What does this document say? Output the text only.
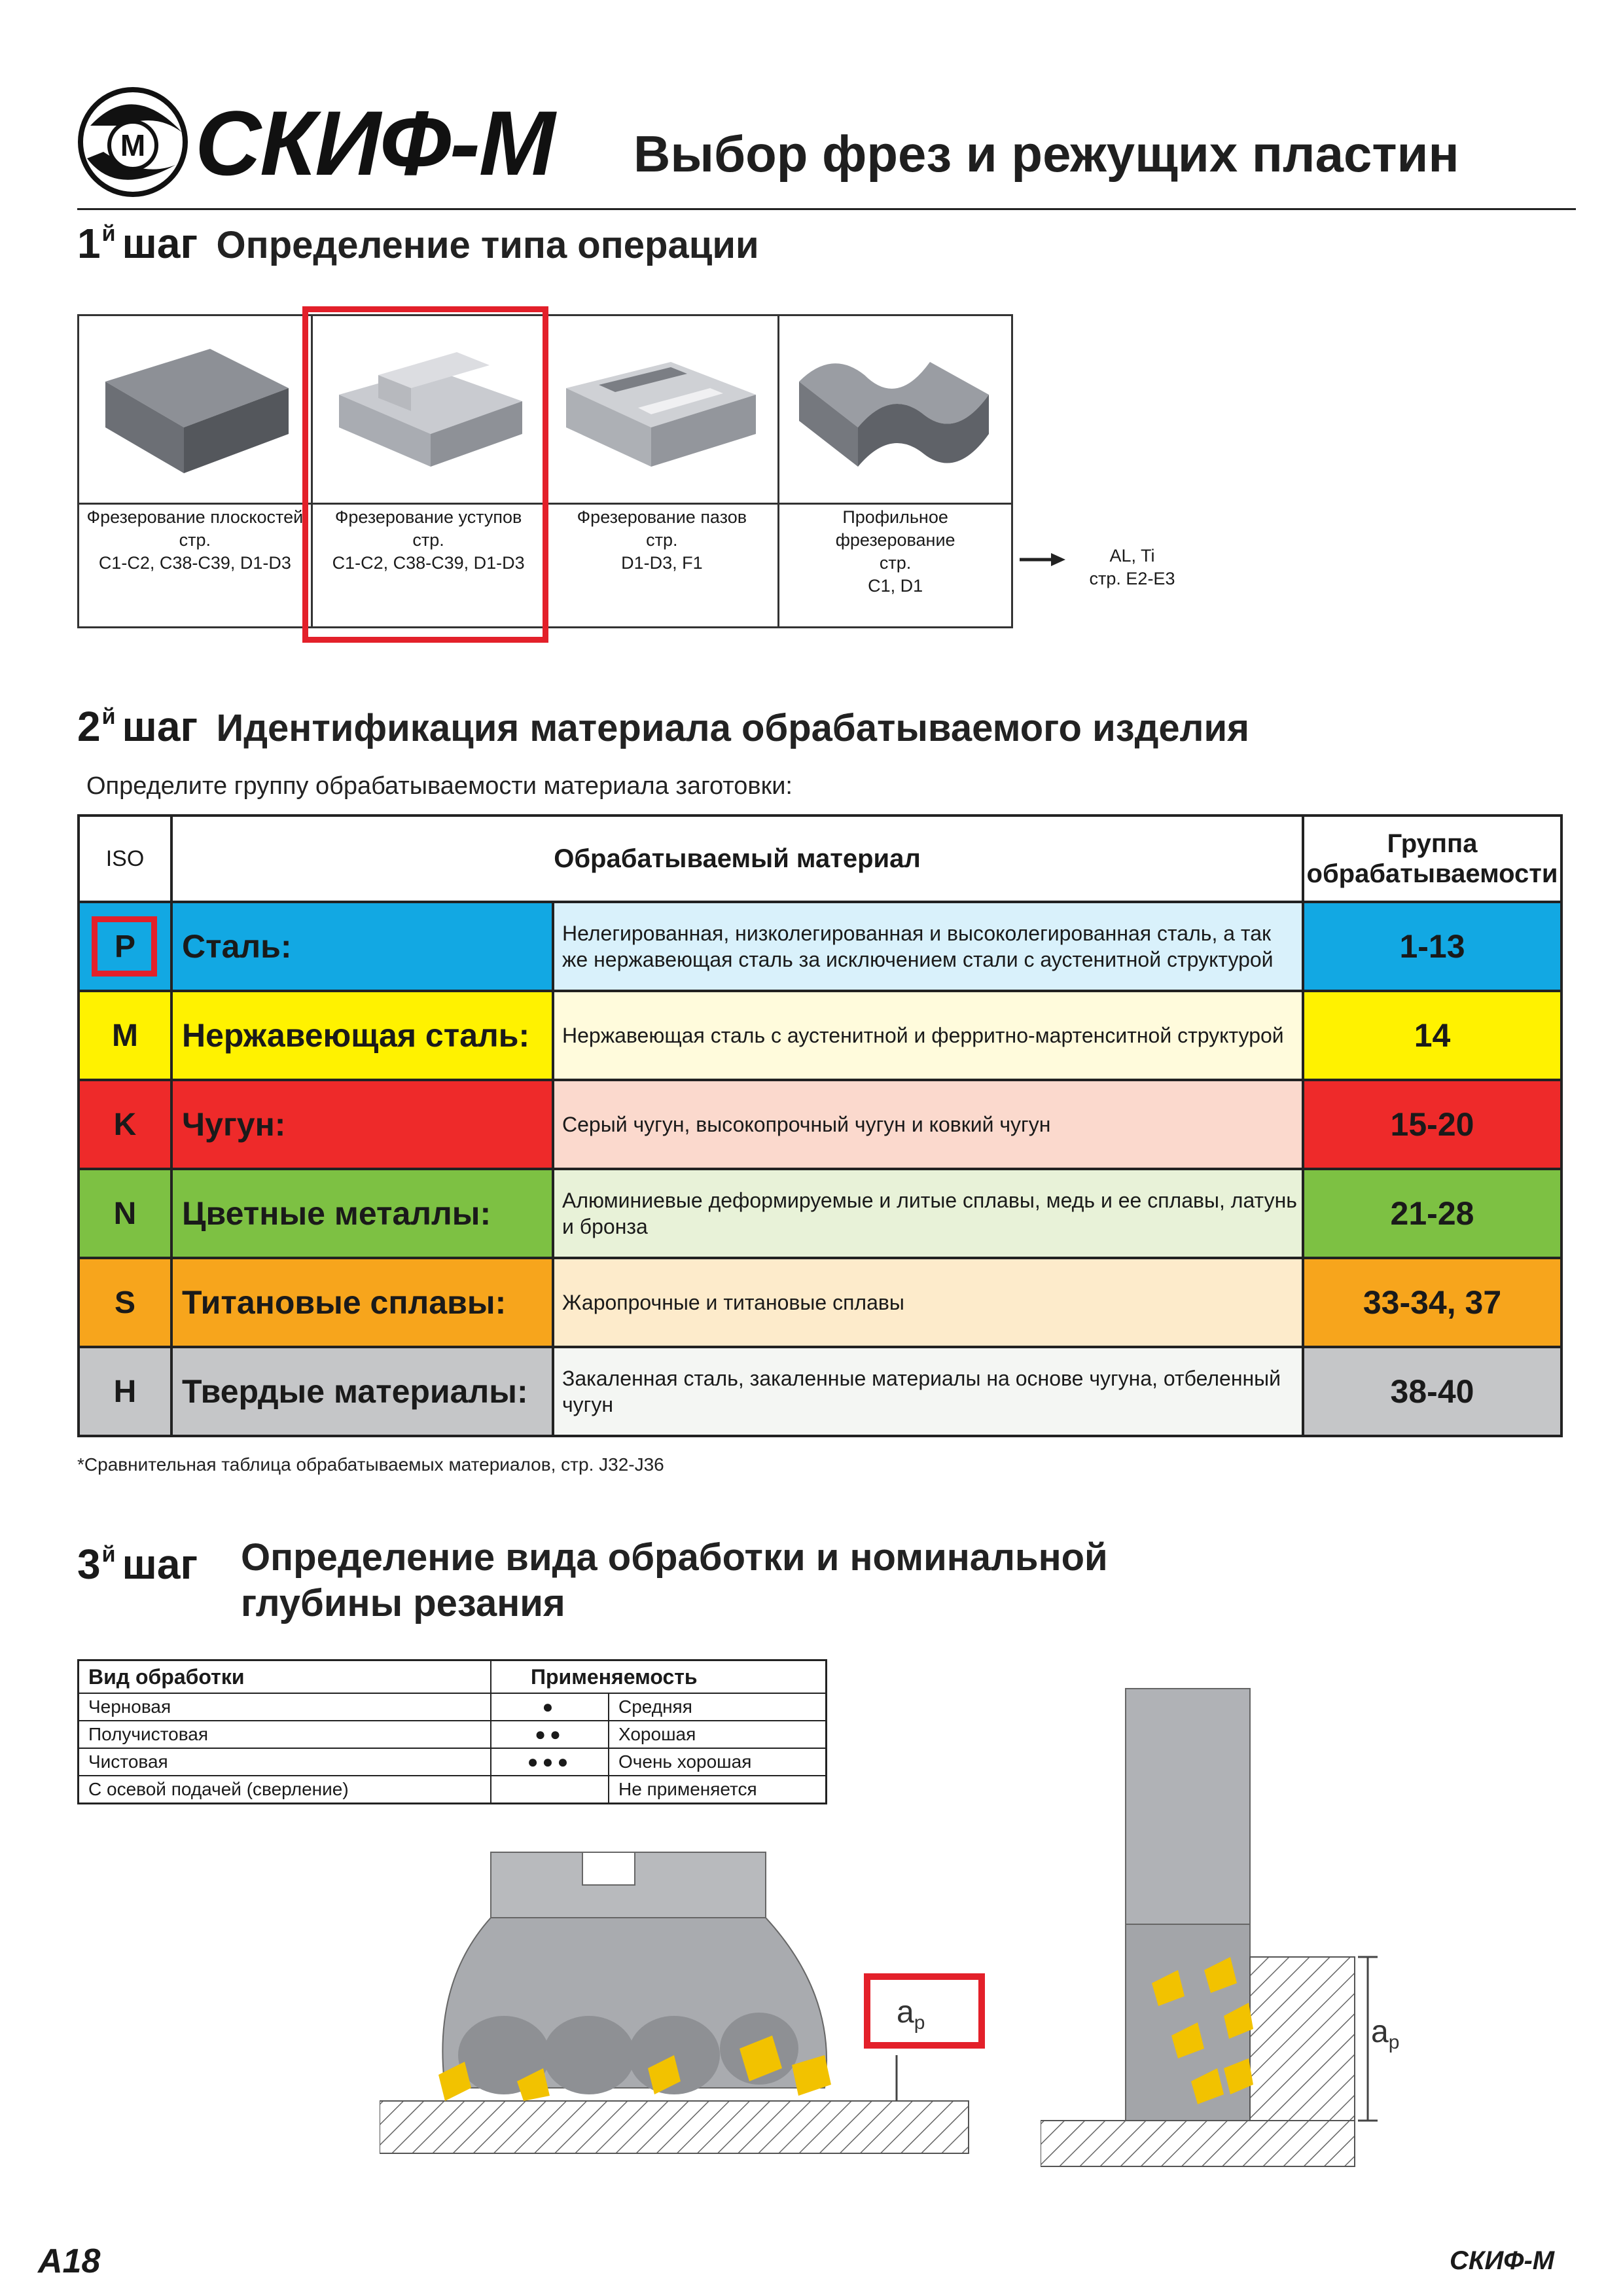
М СКИФ-М Выбор фрез и режущих пластин
$1^й$ шаг Определение типа операции
Фрезерование плоскостей
стр.
C1-C2, C38-C39, D1-D3
Фрезерование уступов
стр.
C1-C2, C38-C39, D1-D3
Фрезерование пазов
стр.
D1-D3, F1
Профильное фрезерование
стр.
C1, D1
AL, Ti
стр. E2-E3
$2^й$ шаг Идентификация материала обрабатываемого изделия
Определите группу обрабатываемости материала заготовки:
ISO	Обрабатываемый материал		Группа обрабатываемости
P	Сталь:	Нелегированная, низколегированная и высоколегированная сталь, а так же нержавеющая сталь за исключением стали с аустенитной структурой	1-13
M	Нержавеющая сталь:	Нержавеющая сталь с аустенитной и ферритно-мартенситной структурой	14
K	Чугун:	Серый чугун, высокопрочный чугун и ковкий чугун	15-20
N	Цветные металлы:	Алюминиевые деформируемые и литые сплавы, медь и ее сплавы, латунь и бронза	21-28
S	Титановые сплавы:	Жаропрочные и титановые сплавы	33-34, 37
H	Твердые материалы:	Закаленная сталь, закаленные материалы на основе чугуна, отбеленный чугун	38-40
*Сравнительная таблица обрабатываемых материалов, стр. J32-J36
$3^й$ шаг Определение вида обработки и номинальной
глубины резания
Вид обработки	Применяемость	
Черновая	●	Средняя
Получистовая	●●	Хорошая
Чистовая	●●●	Очень хорошая
С осевой подачей (сверление)		Не применяется
$a_p$	$a_p$
A18	СКИФ-М
